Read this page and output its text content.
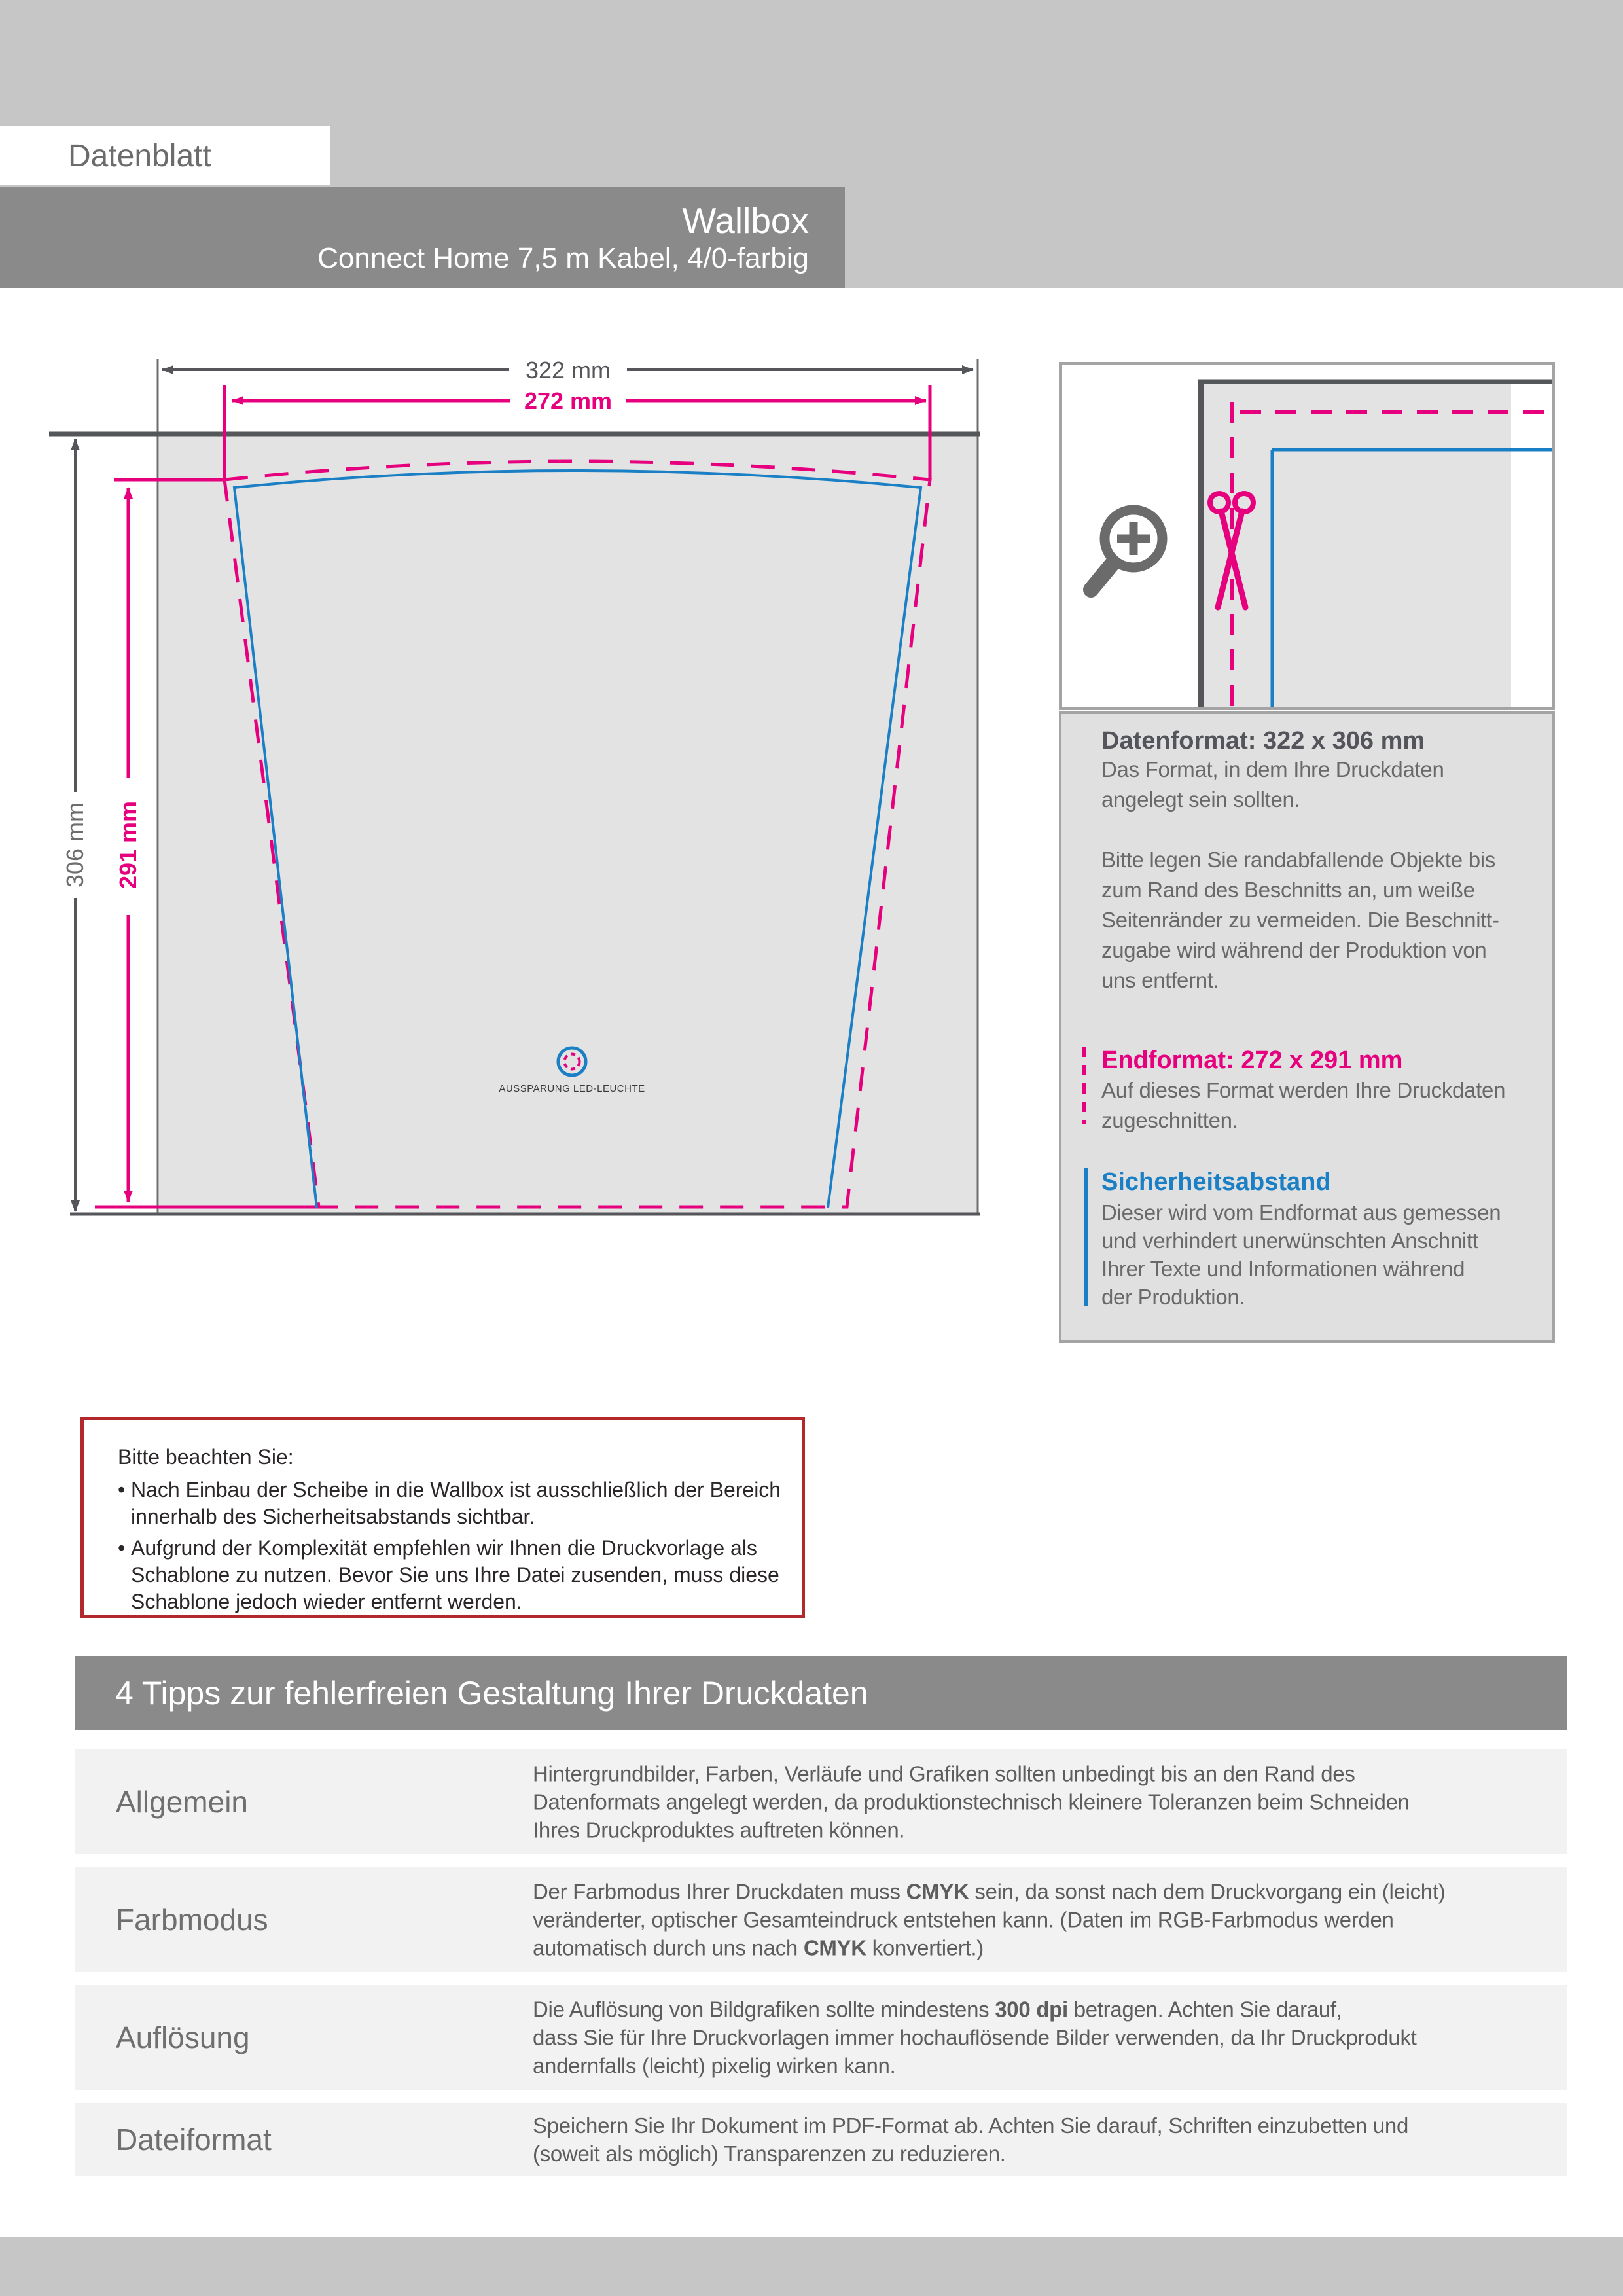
Datenblatt
Wallbox
Connect Home 7,5 m Kabel, 4/0-farbig
322 mm
272 mm
306 mm 291 mm
AUSSPARUNG LED-LEUCHTE
Datenformat: 322 x 306 mm
Das Format, in dem Ihre Druckdaten
angelegt sein sollten.
Bitte legen Sie randabfallende Objekte bis
zum Rand des Beschnitts an, um weiße
Seitenränder zu vermeiden. Die Beschnitt-
zugabe wird während der Produktion von
uns entfernt.
Endformat: 272 x 291 mm
Auf dieses Format werden Ihre Druckdaten
zugeschnitten.
Sicherheitsabstand
Dieser wird vom Endformat aus gemessen
und verhindert unerwünschten Anschnitt
Ihrer Texte und Informationen während
der Produktion.
Bitte beachten Sie:
• Nach Einbau der Scheibe in die Wallbox ist ausschließlich der Bereich
innerhalb des Sicherheitsabstands sichtbar.
• Aufgrund der Komplexität empfehlen wir Ihnen die Druckvorlage als
Schablone zu nutzen. Bevor Sie uns Ihre Datei zusenden, muss diese
Schablone jedoch wieder entfernt werden.
4 Tipps zur fehlerfreien Gestaltung Ihrer Druckdaten
Allgemein
Hintergrundbilder, Farben, Verläufe und Grafiken sollten unbedingt bis an den Rand des
Datenformats angelegt werden, da produktionstechnisch kleinere Toleranzen beim Schneiden
Ihres Druckproduktes auftreten können.
Farbmodus
Der Farbmodus Ihrer Druckdaten muss CMYK sein, da sonst nach dem Druckvorgang ein (leicht)
veränderter, optischer Gesamteindruck entstehen kann. (Daten im RGB-Farbmodus werden
automatisch durch uns nach CMYK konvertiert.)
Auflösung
Die Auflösung von Bildgrafiken sollte mindestens 300 dpi betragen. Achten Sie darauf,
dass Sie für Ihre Druckvorlagen immer hochauflösende Bilder verwenden, da Ihr Druckprodukt
andernfalls (leicht) pixelig wirken kann.
Dateiformat	Speichern Sie Ihr Dokument im PDF-Format ab. Achten Sie darauf, Schriften einzubetten und
(soweit als möglich) Transparenzen zu reduzieren.
